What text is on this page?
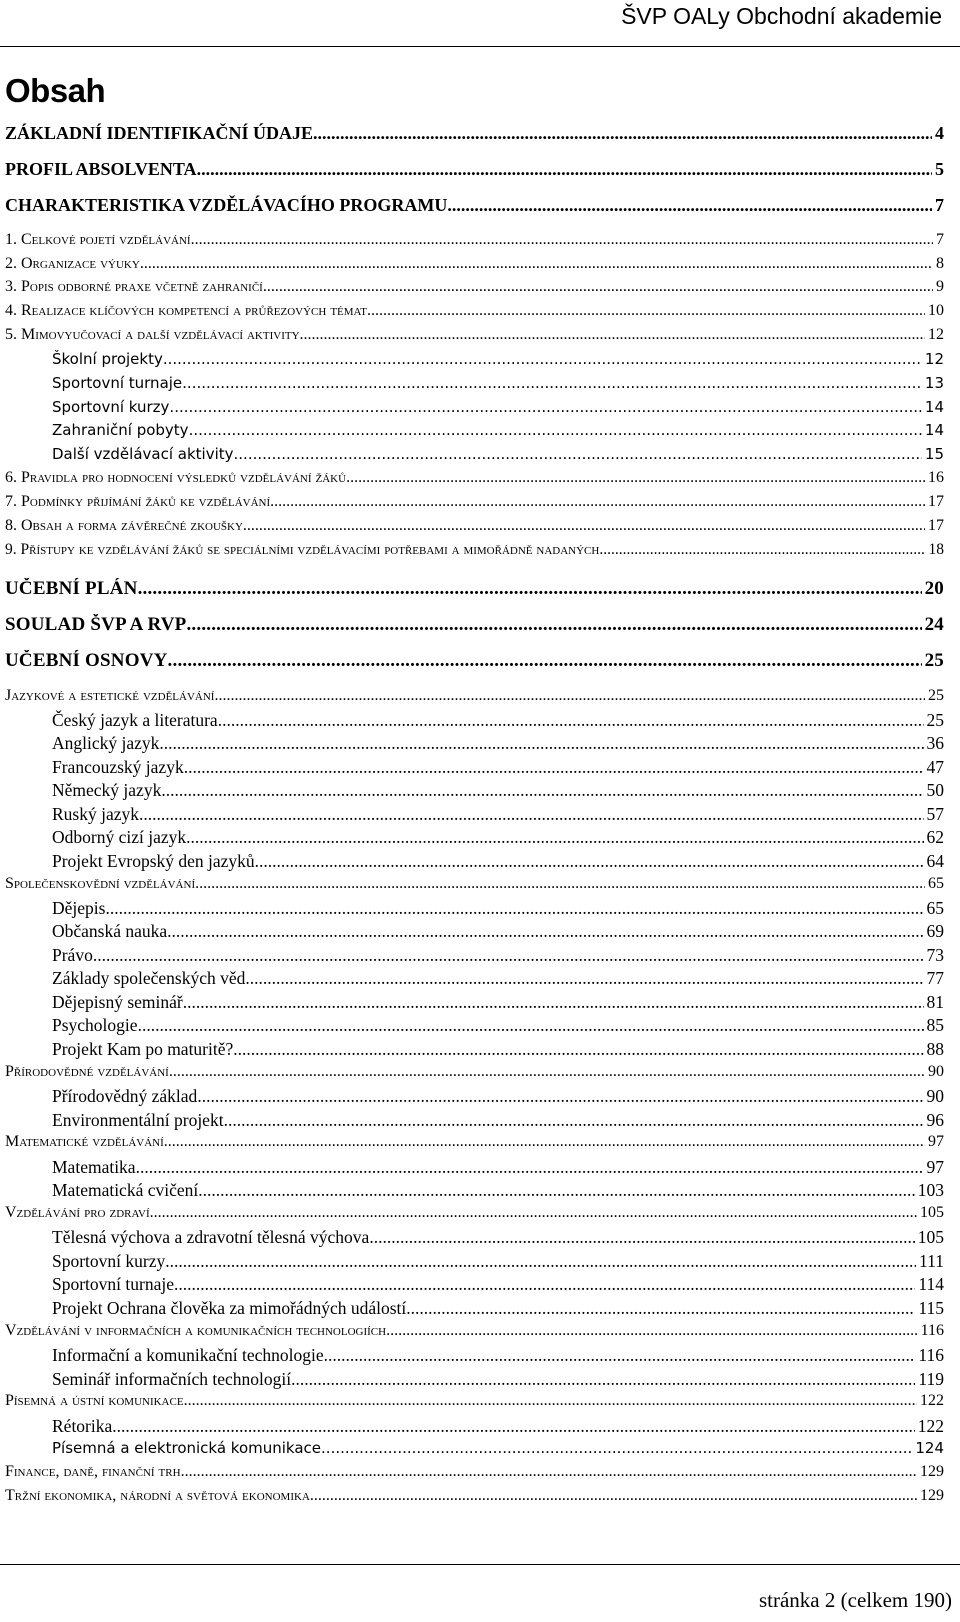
ŠVP OALy Obchodní akademie
Obsah
ZÁKLADNÍ IDENTIFIKAČNÍ ÚDAJE .....	4
PROFIL ABSOLVENTA .....	5
CHARAKTERISTIKA VZDĚLÁVACÍHO PROGRAMU .....	7
1. Celkové pojetí vzdělávání .....	7
2. Organizace výuky .....	8
3. Popis odborné praxe včetně zahraničí .....	9
4. Realizace klíčových kompetencí a průřezových témat .....	10
5. Mimovyučovací a další vzdělávací aktivity .....	12
Školní projekty .....	12
Sportovní turnaje .....	13
Sportovní kurzy .....	14
Zahraniční pobyty .....	14
Další vzdělávací aktivity .....	15
6. Pravidla pro hodnocení výsledků vzdělávání žáků .....	16
7. Podmínky přijímání žáků ke vzdělávání .....	17
8. Obsah a forma závěrečné zkoušky .....	17
9. Přístupy ke vzdělávání žáků se speciálními vzdělávacími potřebami a mimořádně nadaných .....	18
UČEBNÍ PLÁN .....	20
SOULAD ŠVP A RVP .....	24
UČEBNÍ OSNOVY .....	25
Jazykové a estetické vzdělávání .....	25
Český jazyk a literatura .....	25
Anglický jazyk .....	36
Francouzský jazyk .....	47
Německý jazyk .....	50
Ruský jazyk .....	57
Odborný cizí jazyk .....	62
Projekt Evropský den jazyků .....	64
Společenskovědní vzdělávání .....	65
Dějepis .....	65
Občanská nauka .....	69
Právo .....	73
Základy společenských věd .....	77
Dějepisný seminář .....	81
Psychologie .....	85
Projekt Kam po maturitě? .....	88
Přírodovědné vzdělávání .....	90
Přírodovědný základ .....	90
Environmentální projekt .....	96
Matematické vzdělávání .....	97
Matematika .....	97
Matematická cvičení .....	103
Vzdělávání pro zdraví .....	105
Tělesná výchova a zdravotní tělesná výchova .....	105
Sportovní kurzy .....	111
Sportovní turnaje .....	114
Projekt Ochrana člověka za mimořádných událostí .....	115
Vzdělávání v informačních a komunikačních technologiích .....	116
Informační a komunikační technologie .....	116
Seminář informačních technologií .....	119
Písemná a ústní komunikace .....	122
Rétorika .....	122
Písemná a elektronická komunikace .....	124
Finance, daně, finanční trh .....	129
Tržní ekonomika, národní a světová ekonomika .....	129
stránka 2 (celkem 190)
